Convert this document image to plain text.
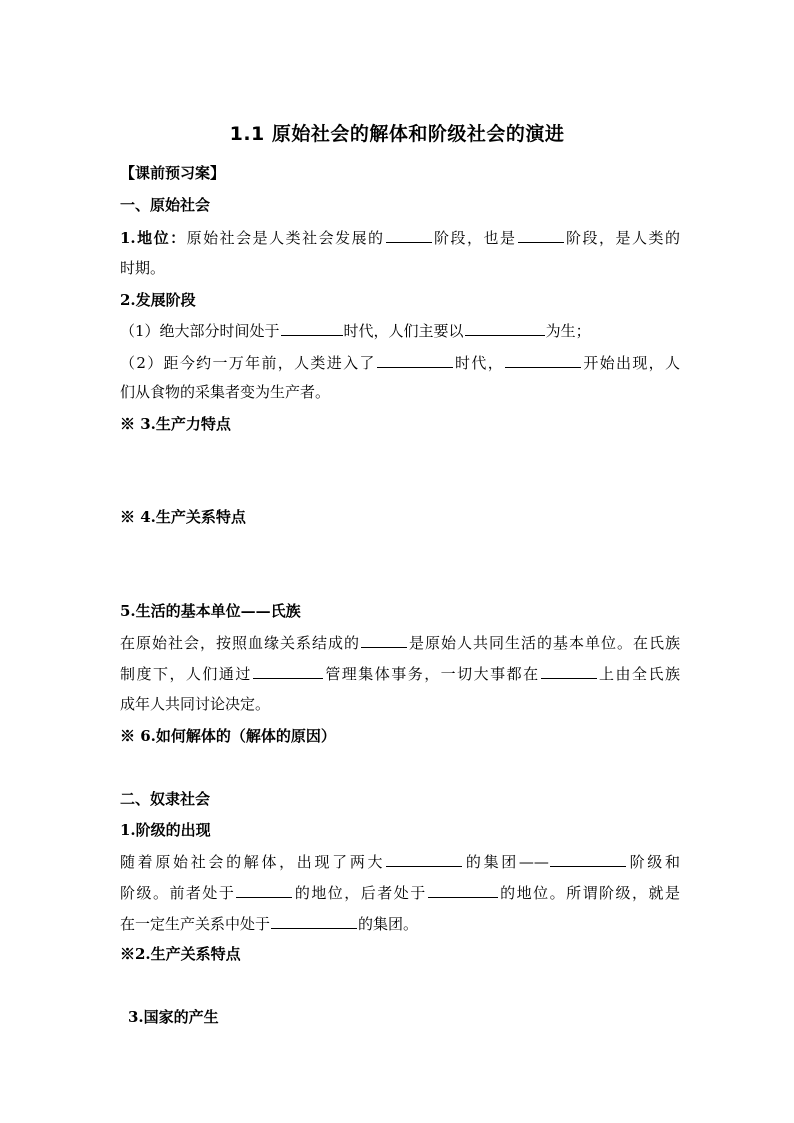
1.1 原始社会的解体和阶级社会的演进
【课前预习案】
一、原始社会
1.地位：原始社会是人类社会发展的	阶段，也是	阶段，是人类的
时期。
2.发展阶段
（1）绝大部分时间处于	时代，人们主要以	为生；
（2）距今约一万年前，人类进入了	时代，	开始出现，人
们从食物的采集者变为生产者。
※ 3.生产力特点
※ 4.生产关系特点
5.生活的基本单位——氏族
在原始社会，按照血缘关系结成的	是原始人共同生活的基本单位。在氏族
制度下，人们通过	管理集体事务，一切大事都在	上由全氏族
成年人共同讨论决定。
※ 6.如何解体的（解体的原因）
二、奴隶社会
1.阶级的出现
随着原始社会的解体，出现了两大	的集团——	阶级和
阶级。前者处于	的地位，后者处于	的地位。所谓阶级，就是
在一定生产关系中处于	的集团。
※2.生产关系特点
3.国家的产生
